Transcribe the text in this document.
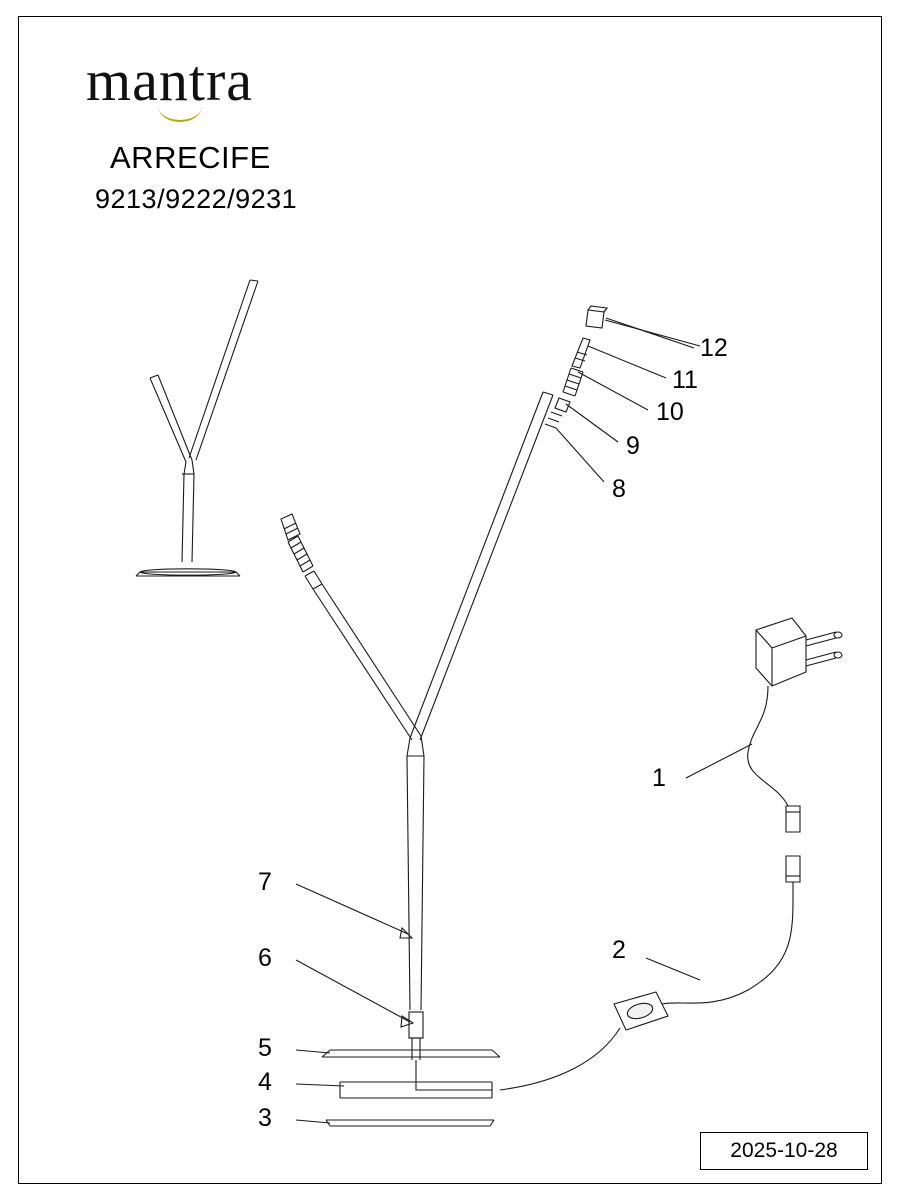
mantra
ARRECIFE
9213/9222/9231
12
11
10
9
8
7
6
5
4
3
1
2
2025-10-28
